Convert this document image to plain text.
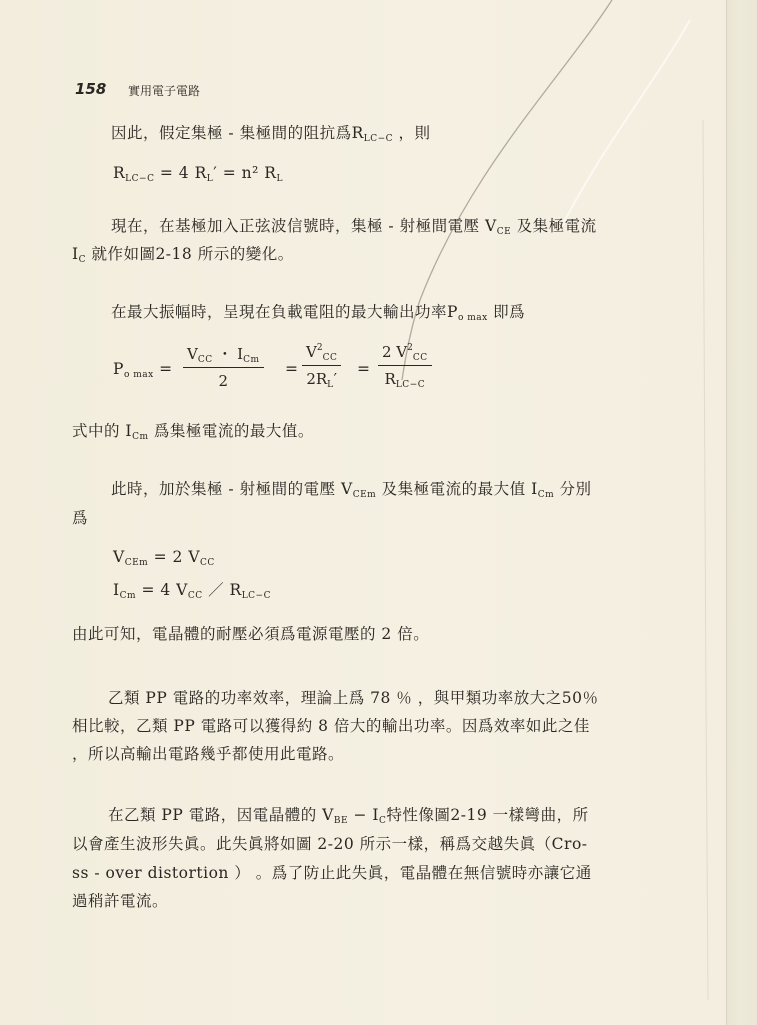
158 實用電子電路
因此，假定集極 - 集極間的阻抗爲$R_{LC-C}$ ，則
$R_{LC-C} = 4$ $R_L' = n^2$ $R_L$
現在，在基極加入正弦波信號時，集極 - 射極間電壓 $V_{CE}$ 及集極電流
$I_C$ 就作如圖2-18 所示的變化。
在最大振幅時，呈現在負載電阻的最大輸出功率$P_{o max}$ 即爲
$P_{o max}$ =
$V_{CC}$ ・ $I_{Cm}$
2
= $\frac{V^2_{CC}}{2R_L'}$ =
2 $V^2_{CC}$
$R_{LC-C}$
式中的 $I_{Cm}$ 爲集極電流的最大值。
此時，加於集極 - 射極間的電壓 $V_{CEm}$ 及集極電流的最大值 $I_{Cm}$ 分別
爲
$V_{CEm} = 2$ $V_{CC}$
$I_{Cm} = 4$ $V_{CC}$ ／ $R_{LC-C}$
由此可知，電晶體的耐壓必須爲電源電壓的 2 倍。
乙類 PP 電路的功率效率，理論上爲 78 ％ ，與甲類功率放大之50％
相比較，乙類 PP 電路可以獲得約 8 倍大的輸出功率。因爲效率如此之佳
，所以高輸出電路幾乎都使用此電路。
在乙類 PP 電路，因電晶體的 $V_{BE} - I_C$特性像圖2-19 一樣彎曲，所
以會產生波形失眞。此失眞將如圖 2-20 所示一樣，稱爲交越失眞（Cro-
ss - over distortion ） 。爲了防止此失眞，電晶體在無信號時亦讓它通
過稍許電流。
